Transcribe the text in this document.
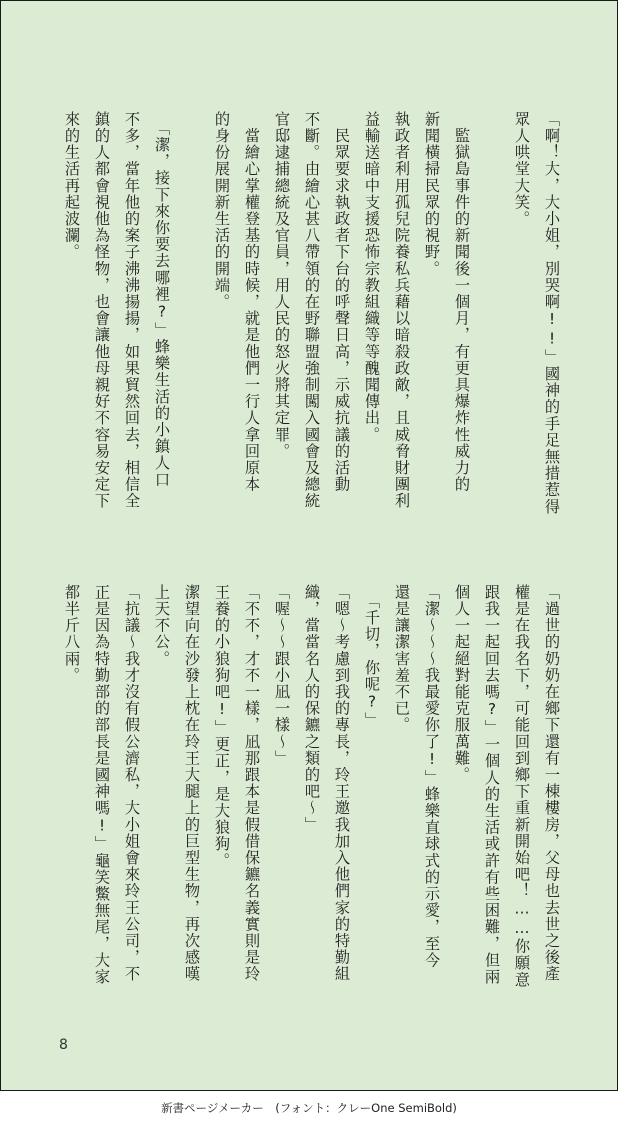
「啊！大，大小姐，別哭啊!!」國神的手足無措惹得
眾人哄堂大笑。
　監獄島事件的新聞後一個月，有更具爆炸性威力的
新聞橫掃民眾的視野。
執政者利用孤兒院養私兵藉以暗殺政敵，且威脅財團利
益輸送暗中支援恐怖宗教組織等等醜聞傳出。
　民眾要求執政者下台的呼聲日高，示威抗議的活動
不斷。由繪心甚八帶領的在野聯盟強制闖入國會及總統
官邸逮捕總統及官員，用人民的怒火將其定罪。
　當繪心掌權登基的時候，就是他們一行人拿回原本
的身份展開新生活的開端。
　「潔，接下來你要去哪裡?」蜂樂生活的小鎮人口
不多，當年他的案子沸沸揚揚，如果貿然回去，相信全
鎮的人都會視他為怪物，也會讓他母親好不容易安定下
來的生活再起波瀾。
「過世的奶奶在鄉下還有一棟樓房，父母也去世之後產
權是在我名下，可能回到鄉下重新開始吧！……你願意
跟我一起回去嗎?」一個人的生活或許有些困難，但兩
個人一起絕對能克服萬難。
「潔～～～我最愛你了!」蜂樂直球式的示愛，至今
還是讓潔害羞不已。
　「千切，你呢?」
「嗯～考慮到我的專長，玲王邀我加入他們家的特勤組
織，當當名人的保鑣之類的吧～」
「喔～～跟小凪一樣～」
「不不，才不一樣，凪那跟本是假借保鑣名義實則是玲
王養的小狼狗吧!」更正，是大狼狗。
潔望向在沙發上枕在玲王大腿上的巨型生物，再次感嘆
上天不公。
「抗議～我才沒有假公濟私，大小姐會來玲王公司，不
正是因為特勤部的部長是國神嗎!」龜笑鱉無尾，大家
都半斤八兩。
8
新書ページメーカー　(フォント：クレーOne SemiBold)
